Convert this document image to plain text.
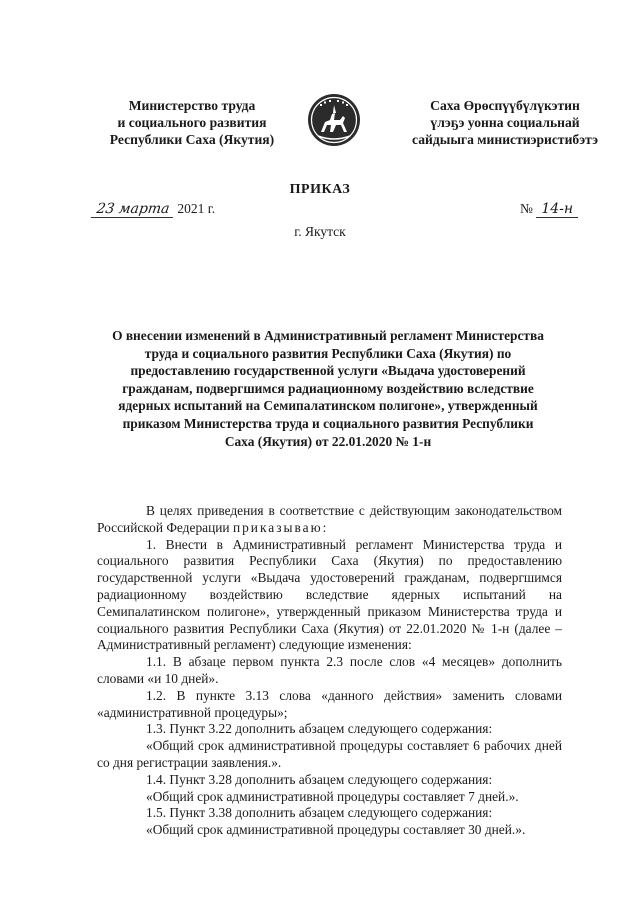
Министерство труда
и социального развития
Республики Саха (Якутия)
Саха Өрөспүүбүлүкэтин
үлэҕэ уонна социальнай
сайдыыга министиэристибэтэ
ПРИКАЗ
23 марта 2021 г.	№ 14-н
г. Якутск
О внесении изменений в Административный регламент Министерства труда и социального развития Республики Саха (Якутия) по предоставлению государственной услуги «Выдача удостоверений гражданам, подвергшимся радиационному воздействию вследствие ядерных испытаний на Семипалатинском полигоне», утвержденный приказом Министерства труда и социального развития Республики Саха (Якутия) от 22.01.2020 № 1-н

В целях приведения в соответствие с действующим законодательством Российской Федерации приказываю:

1. Внести в Административный регламент Министерства труда и социального развития Республики Саха (Якутия) по предоставлению государственной услуги «Выдача удостоверений гражданам, подвергшимся радиационному воздействию вследствие ядерных испытаний на Семипалатинском полигоне», утвержденный приказом Министерства труда и социального развития Республики Саха (Якутия) от 22.01.2020 № 1-н (далее – Административный регламент) следующие изменения:

1.1. В абзаце первом пункта 2.3 после слов «4 месяцев» дополнить словами «и 10 дней».

1.2. В пункте 3.13 слова «данного действия» заменить словами «административной процедуры»;

1.3. Пункт 3.22 дополнить абзацем следующего содержания:

«Общий срок административной процедуры составляет 6 рабочих дней со дня регистрации заявления.».

1.4. Пункт 3.28 дополнить абзацем следующего содержания:

«Общий срок административной процедуры составляет 7 дней.».

1.5. Пункт 3.38 дополнить абзацем следующего содержания:

«Общий срок административной процедуры составляет 30 дней.».
